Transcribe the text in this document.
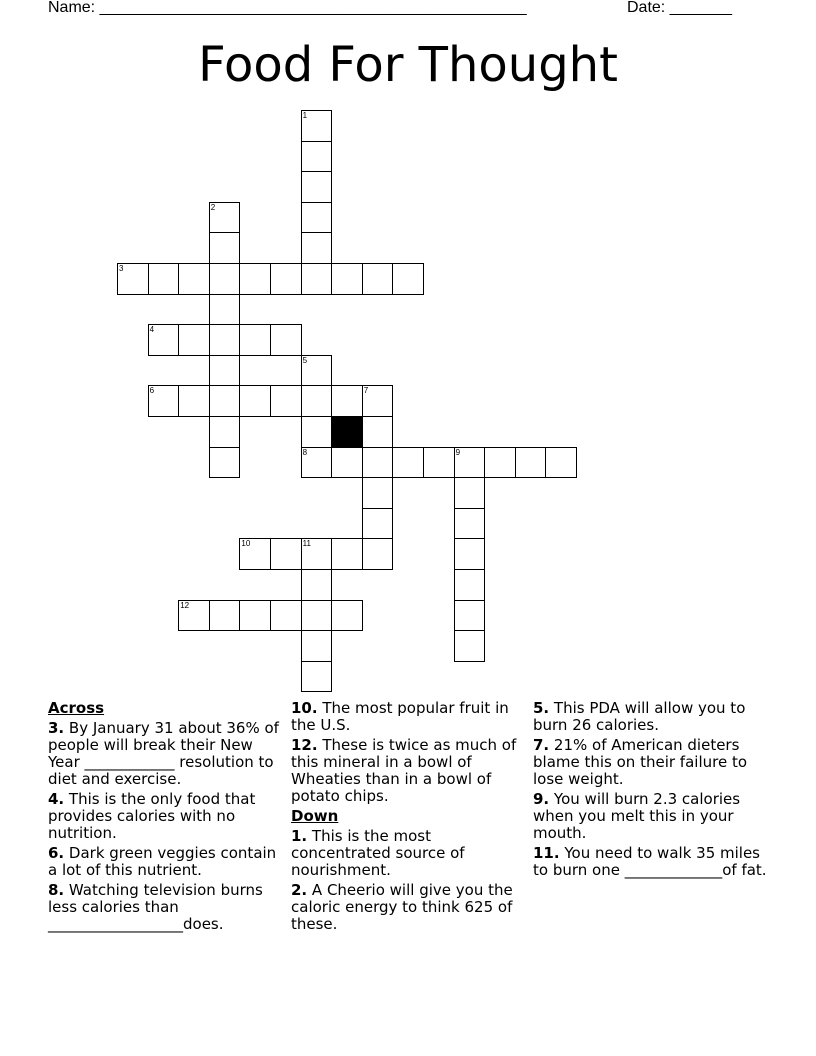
Name: ________________________________________________	Date: _______
Food For Thought
1
2
3
4
5
8
6	7
9
10	11
12
Across
3. By January 31 about 36% of people will break their New Year ____________ resolution to diet and exercise.
4. This is the only food that provides calories with no nutrition.
6. Dark green veggies contain a lot of this nutrient.
8. Watching television burns less calories than __________________does.
10. The most popular fruit in the U.S.
12. These is twice as much of this mineral in a bowl of Wheaties than in a bowl of potato chips.
Down
1. This is the most concentrated source of nourishment.
2. A Cheerio will give you the caloric energy to think 625 of these.
5. This PDA will allow you to burn 26 calories.
7. 21% of American dieters blame this on their failure to lose weight.
9. You will burn 2.3 calories when you melt this in your mouth.
11. You need to walk 35 miles to burn one _____________of fat.
